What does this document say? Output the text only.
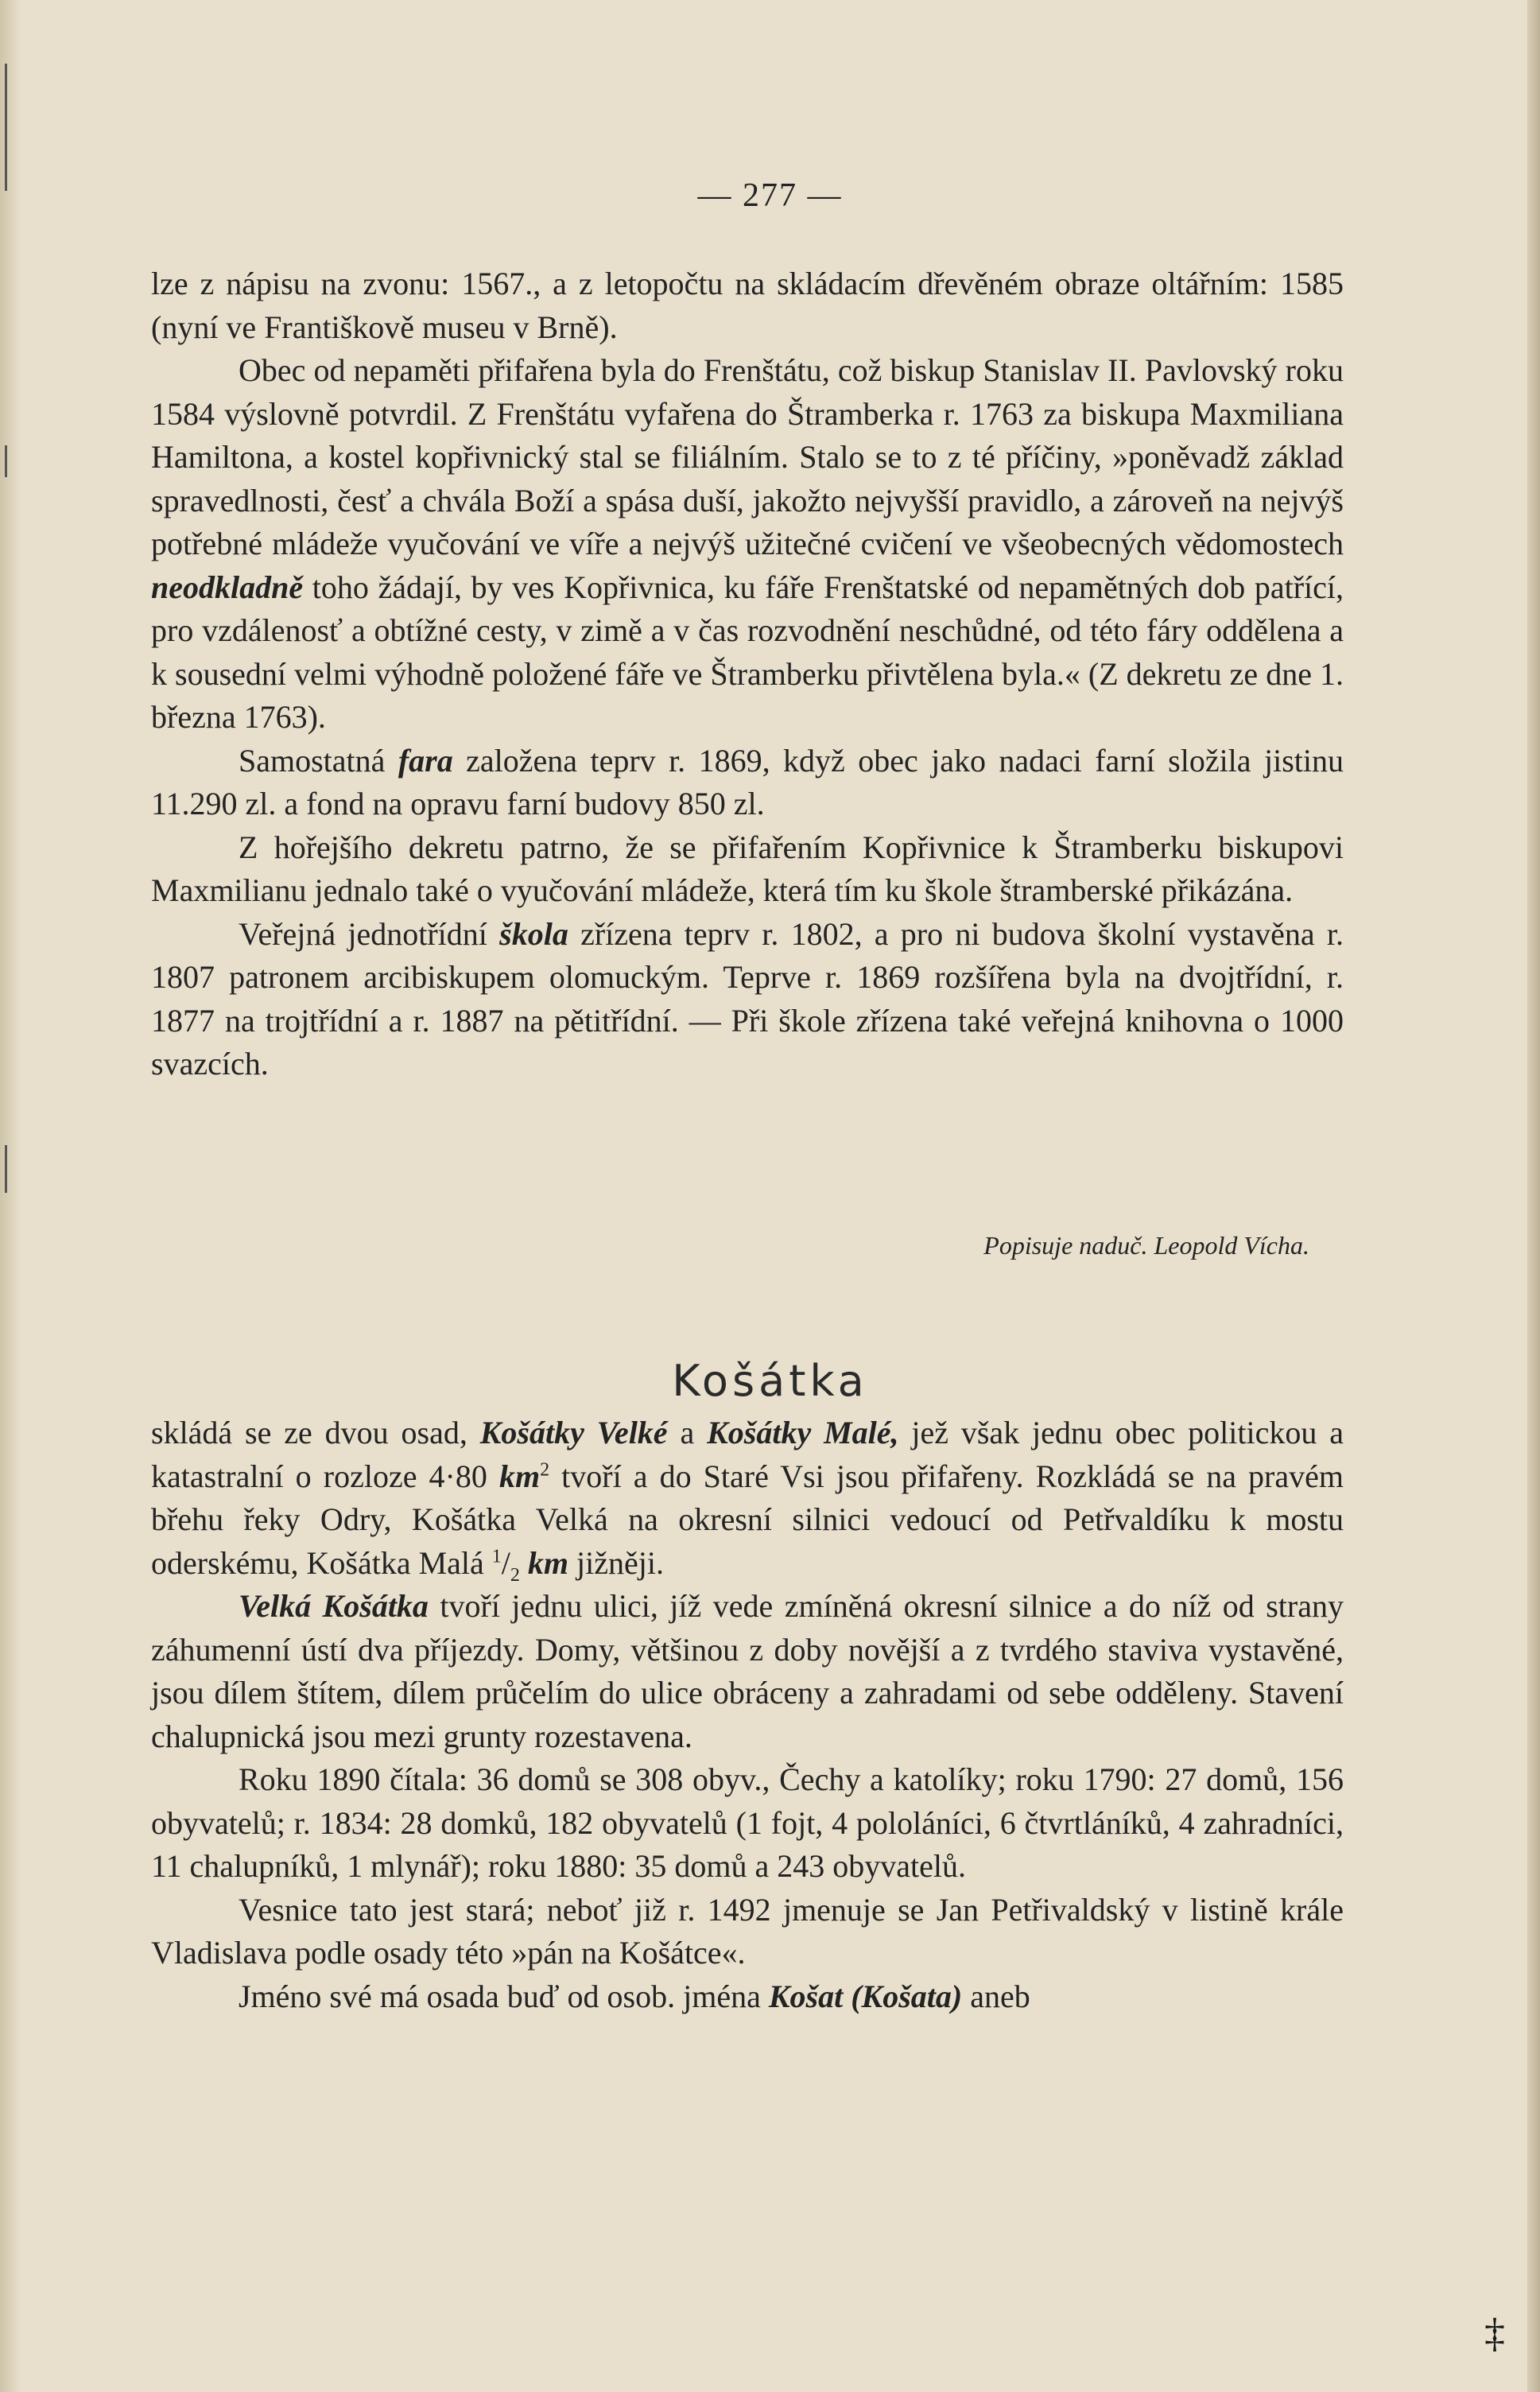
— 277 —

lze z nápisu na zvonu: 1567., a z letopočtu na skládacím dřevěném obraze oltářním: 1585 (nyní ve Františkově museu v Brně).

Obec od nepaměti přifařena byla do Frenštátu, což biskup Stanislav II. Pavlovský roku 1584 výslovně potvrdil. Z Frenštátu vyfařena do Štramberka r. 1763 za biskupa Maxmiliana Hamiltona, a kostel kopřivnický stal se filiálním. Stalo se to z té příčiny, »poněvadž základ spravedlnosti, česť a chvála Boží a spása duší, jakožto nejvyšší pravidlo, a zároveň na nejvýš potřebné mládeže vyučování ve víře a nejvýš užitečné cvičení ve všeobecných vědomostech neodkladně toho žádají, by ves Kopřivnica, ku fáře Frenštatské od nepamětných dob patřící, pro vzdálenosť a obtížné cesty, v zimě a v čas rozvodnění neschůdné, od této fáry oddělena a k sousední velmi výhodně položené fáře ve Štramberku přivtělena byla.« (Z dekretu ze dne 1. března 1763).

Samostatná fara založena teprv r. 1869, když obec jako nadaci farní složila jistinu 11.290 zl. a fond na opravu farní budovy 850 zl.

Z hořejšího dekretu patrno, že se přifařením Kopřivnice k Štramberku biskupovi Maxmilianu jednalo také o vyučování mládeže, která tím ku škole štramberské přikázána.

Veřejná jednotřídní škola zřízena teprv r. 1802, a pro ni budova školní vystavěna r. 1807 patronem arcibiskupem olomuckým. Teprve r. 1869 rozšířena byla na dvojtřídní, r. 1877 na trojtřídní a r. 1887 na pětitřídní. — Při škole zřízena také veřejná knihovna o 1000 svazcích.

Popisuje naduč. Leopold Vícha.
Košátka

skládá se ze dvou osad, Košátky Velké a Košátky Malé, jež však jednu obec politickou a katastralní o rozloze 4·80 $km^2$ tvoří a do Staré Vsi jsou přifařeny. Rozkládá se na pravém břehu řeky Odry, Košátka Velká na okresní silnici vedoucí od Petřvaldíku k mostu oderskému, Košátka Malá $^1/_2$ km jižněji.

Velká Košátka tvoří jednu ulici, jíž vede zmíněná okresní silnice a do níž od strany záhumenní ústí dva příjezdy. Domy, většinou z doby novější a z tvrdého staviva vystavěné, jsou dílem štítem, dílem průčelím do ulice obráceny a zahradami od sebe odděleny. Stavení chalupnická jsou mezi grunty rozestavena.

Roku 1890 čítala: 36 domů se 308 obyv., Čechy a katolíky; roku 1790: 27 domů, 156 obyvatelů; r. 1834: 28 domků, 182 obyvatelů (1 fojt, 4 pololáníci, 6 čtvrtláníků, 4 zahradníci, 11 chalupníků, 1 mlynář); roku 1880: 35 domů a 243 obyvatelů.

Vesnice tato jest stará; neboť již r. 1492 jmenuje se Jan Petřivaldský v listině krále Vladislava podle osady této »pán na Košátce«.

Jméno své má osada buď od osob. jména Košat (Košata) aneb

‡
